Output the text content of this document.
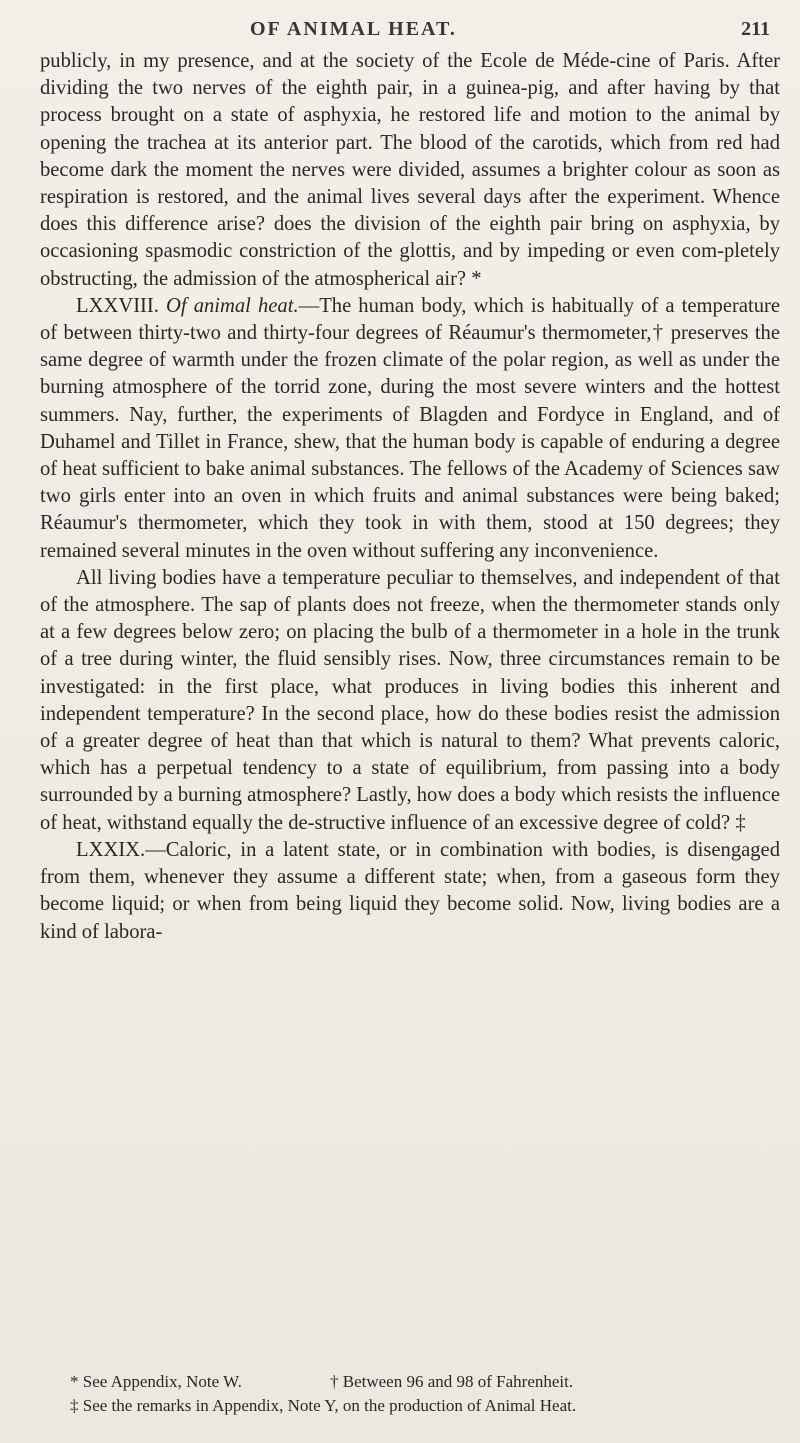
OF ANIMAL HEAT.	211

publicly, in my presence, and at the society of the Ecole de Méde-cine of Paris. After dividing the two nerves of the eighth pair, in a guinea-pig, and after having by that process brought on a state of asphyxia, he restored life and motion to the animal by opening the trachea at its anterior part. The blood of the carotids, which from red had become dark the moment the nerves were divided, assumes a brighter colour as soon as respiration is restored, and the animal lives several days after the experiment. Whence does this difference arise? does the division of the eighth pair bring on asphyxia, by occasioning spasmodic constriction of the glottis, and by impeding or even com-pletely obstructing, the admission of the atmospherical air? *

LXXVIII. Of animal heat.—The human body, which is habitually of a temperature of between thirty-two and thirty-four degrees of Réaumur's thermometer,† preserves the same degree of warmth under the frozen climate of the polar region, as well as under the burning atmosphere of the torrid zone, during the most severe winters and the hottest summers. Nay, further, the experiments of Blagden and Fordyce in England, and of Duhamel and Tillet in France, shew, that the human body is capable of enduring a degree of heat sufficient to bake animal substances. The fellows of the Academy of Sciences saw two girls enter into an oven in which fruits and animal substances were being baked; Réaumur's thermometer, which they took in with them, stood at 150 degrees; they remained several minutes in the oven without suffering any inconvenience.

All living bodies have a temperature peculiar to themselves, and independent of that of the atmosphere. The sap of plants does not freeze, when the thermometer stands only at a few degrees below zero; on placing the bulb of a thermometer in a hole in the trunk of a tree during winter, the fluid sensibly rises. Now, three circumstances remain to be investigated: in the first place, what produces in living bodies this inherent and independent temperature? In the second place, how do these bodies resist the admission of a greater degree of heat than that which is natural to them? What prevents caloric, which has a perpetual tendency to a state of equilibrium, from passing into a body surrounded by a burning atmosphere? Lastly, how does a body which resists the influence of heat, withstand equally the de-structive influence of an excessive degree of cold? ‡

LXXIX.—Caloric, in a latent state, or in combination with bodies, is disengaged from them, whenever they assume a different state; when, from a gaseous form they become liquid; or when from being liquid they become solid. Now, living bodies are a kind of labora-

* See Appendix, Note W.	† Between 96 and 98 of Fahrenheit.
‡ See the remarks in Appendix, Note Y, on the production of Animal Heat.
